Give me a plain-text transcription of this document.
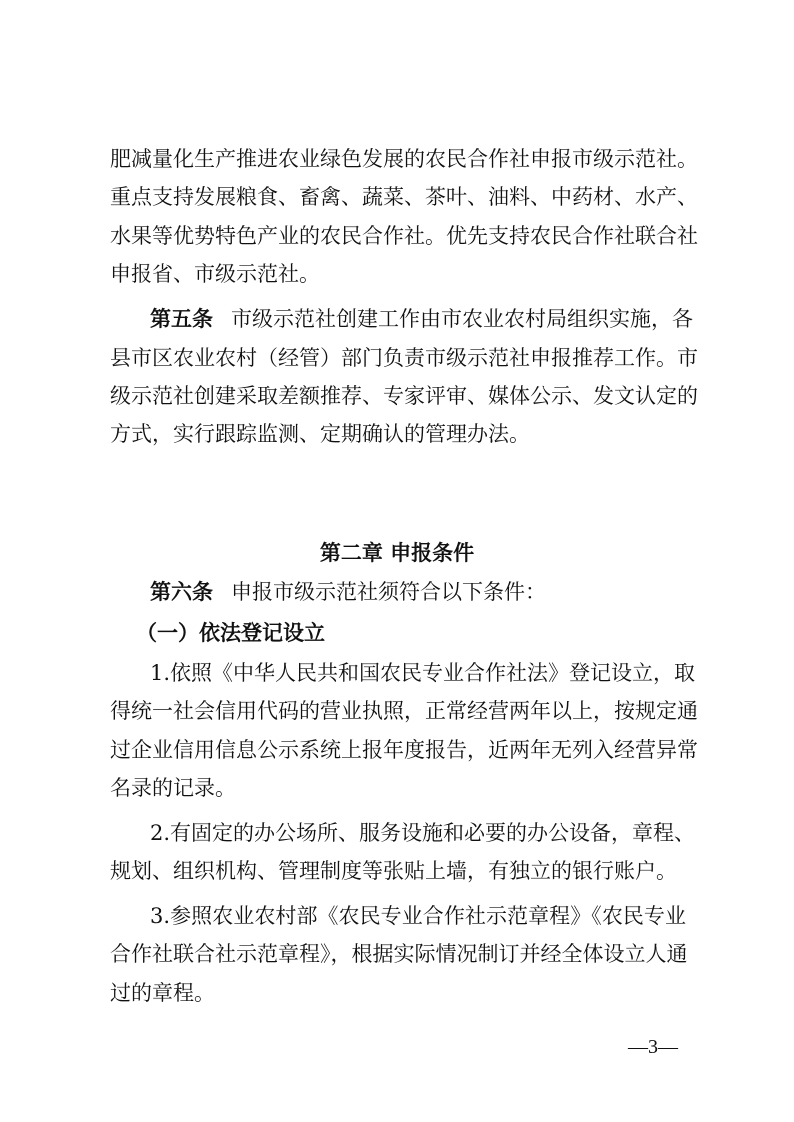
肥减量化生产推进农业绿色发展的农民合作社申报市级示范社。
重点支持发展粮食、畜禽、蔬菜、茶叶、油料、中药材、水产、
水果等优势特色产业的农民合作社。优先支持农民合作社联合社
申报省、市级示范社。
第五条 市级示范社创建工作由市农业农村局组织实施，各
县市区农业农村（经管）部门负责市级示范社申报推荐工作。市
级示范社创建采取差额推荐、专家评审、媒体公示、发文认定的
方式，实行跟踪监测、定期确认的管理办法。
第二章 申报条件
第六条 申报市级示范社须符合以下条件：
（一）依法登记设立
1.依照《中华人民共和国农民专业合作社法》登记设立，取
得统一社会信用代码的营业执照，正常经营两年以上，按规定通
过企业信用信息公示系统上报年度报告，近两年无列入经营异常
名录的记录。
2.有固定的办公场所、服务设施和必要的办公设备，章程、
规划、组织机构、管理制度等张贴上墙，有独立的银行账户。
3.参照农业农村部《农民专业合作社示范章程》《农民专业
合作社联合社示范章程》，根据实际情况制订并经全体设立人通
过的章程。
—3—
